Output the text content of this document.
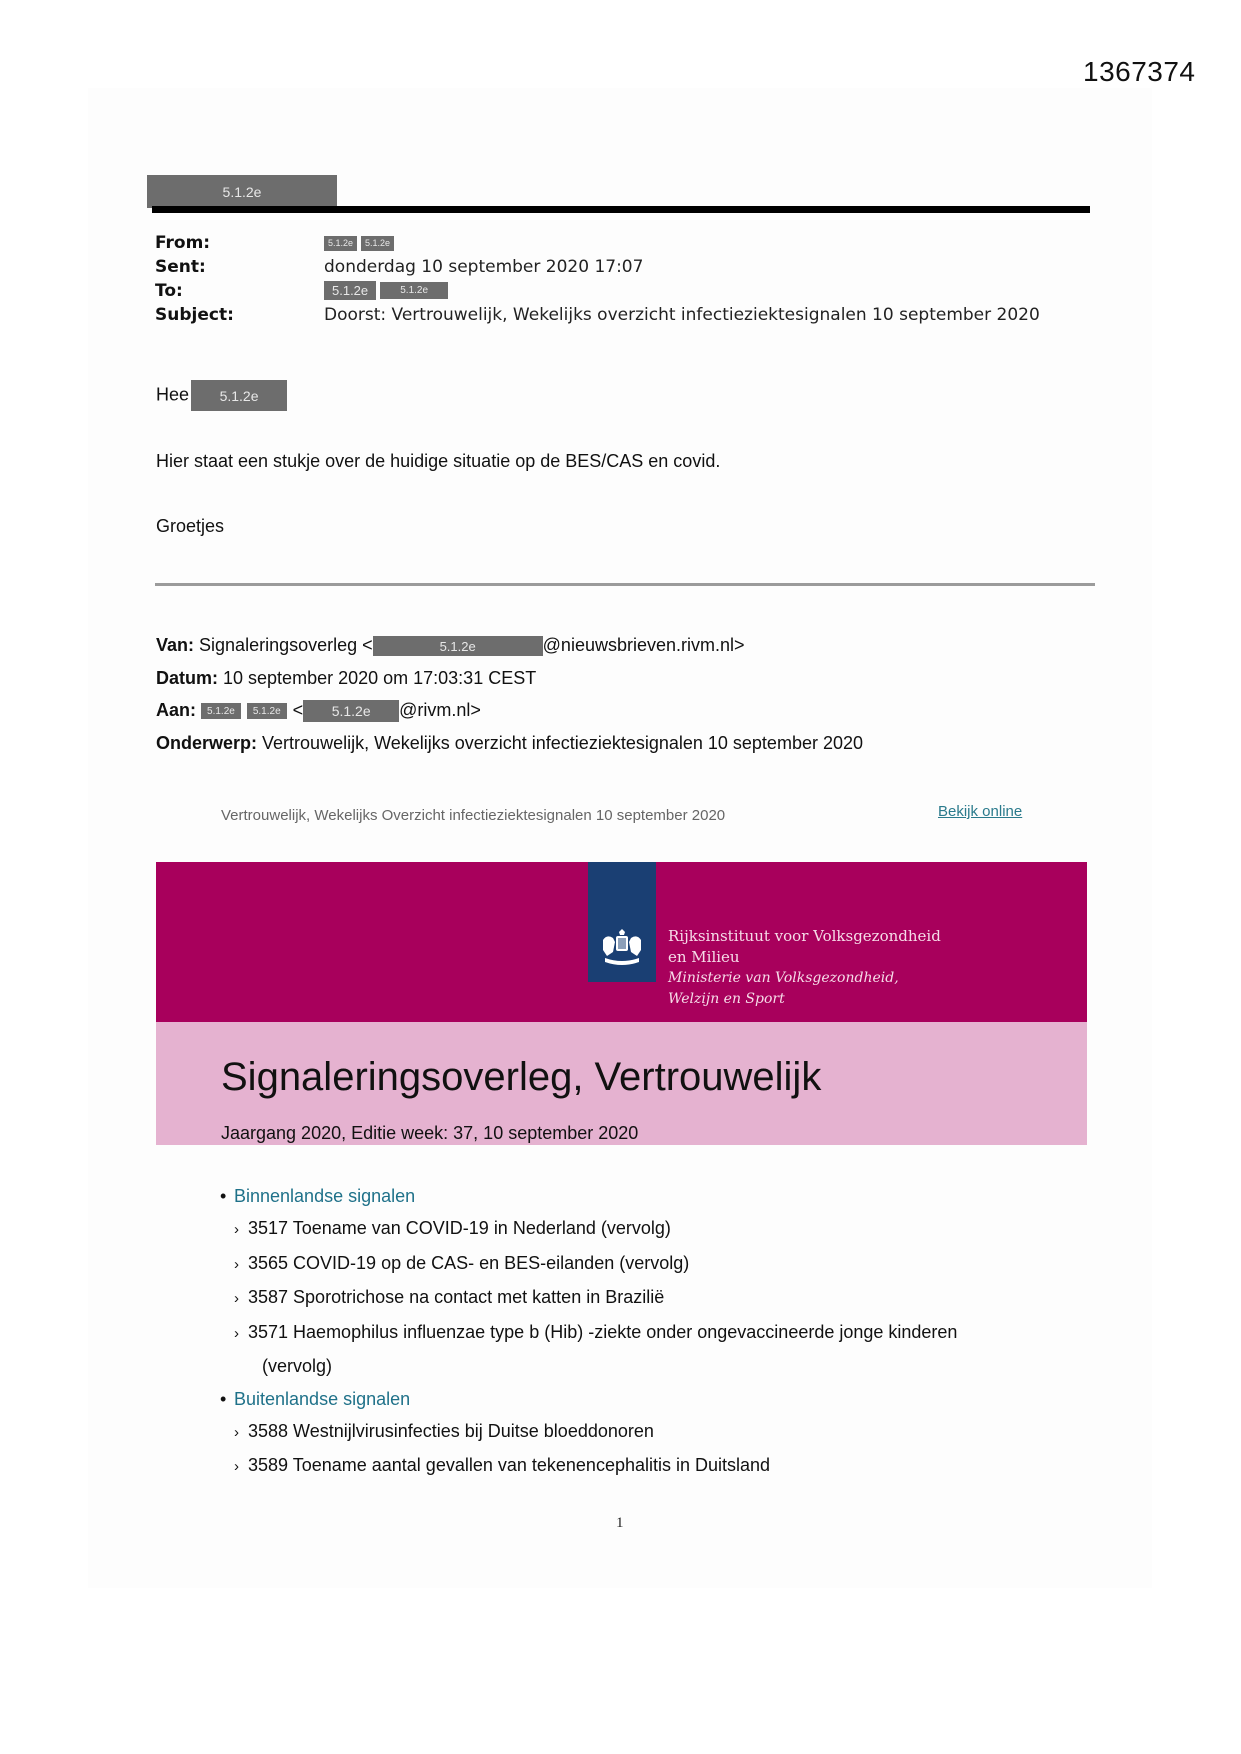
1367374
5.1.2e
From:	5.1.2e 5.1.2e
Sent:	donderdag 10 september 2020 17:07
To:	5.1.2e	5.1.2e
Subject:	Doorst: Vertrouwelijk, Wekelijks overzicht infectieziektesignalen 10 september 2020
Hee 5.1.2e
Hier staat een stukje over de huidige situatie op de BES/CAS en covid.
Groetjes
Van: Signaleringsoverleg <	5.1.2e	@nieuwsbrieven.rivm.nl>
Datum: 10 september 2020 om 17:03:31 CEST
Aan: 5.1.2e 5.1.2e < 5.1.2e @rivm.nl>
Onderwerp: Vertrouwelijk, Wekelijks overzicht infectieziektesignalen 10 september 2020
Vertrouwelijk, Wekelijks Overzicht infectieziektesignalen 10 september 2020	Bekijk online
Rijksinstituut voor Volksgezondheid
en Milieu
Ministerie van Volksgezondheid,
Welzijn en Sport
Signaleringsoverleg, Vertrouwelijk
Jaargang 2020, Editie week: 37, 10 september 2020
• Binnenlandse signalen
› 3517 Toename van COVID-19 in Nederland (vervolg)
› 3565 COVID-19 op de CAS- en BES-eilanden (vervolg)
› 3587 Sporotrichose na contact met katten in Brazilië
› 3571 Haemophilus influenzae type b (Hib) -ziekte onder ongevaccineerde jonge kinderen
(vervolg)
• Buitenlandse signalen
› 3588 Westnijlvirusinfecties bij Duitse bloeddonoren
› 3589 Toename aantal gevallen van tekenencephalitis in Duitsland
1
